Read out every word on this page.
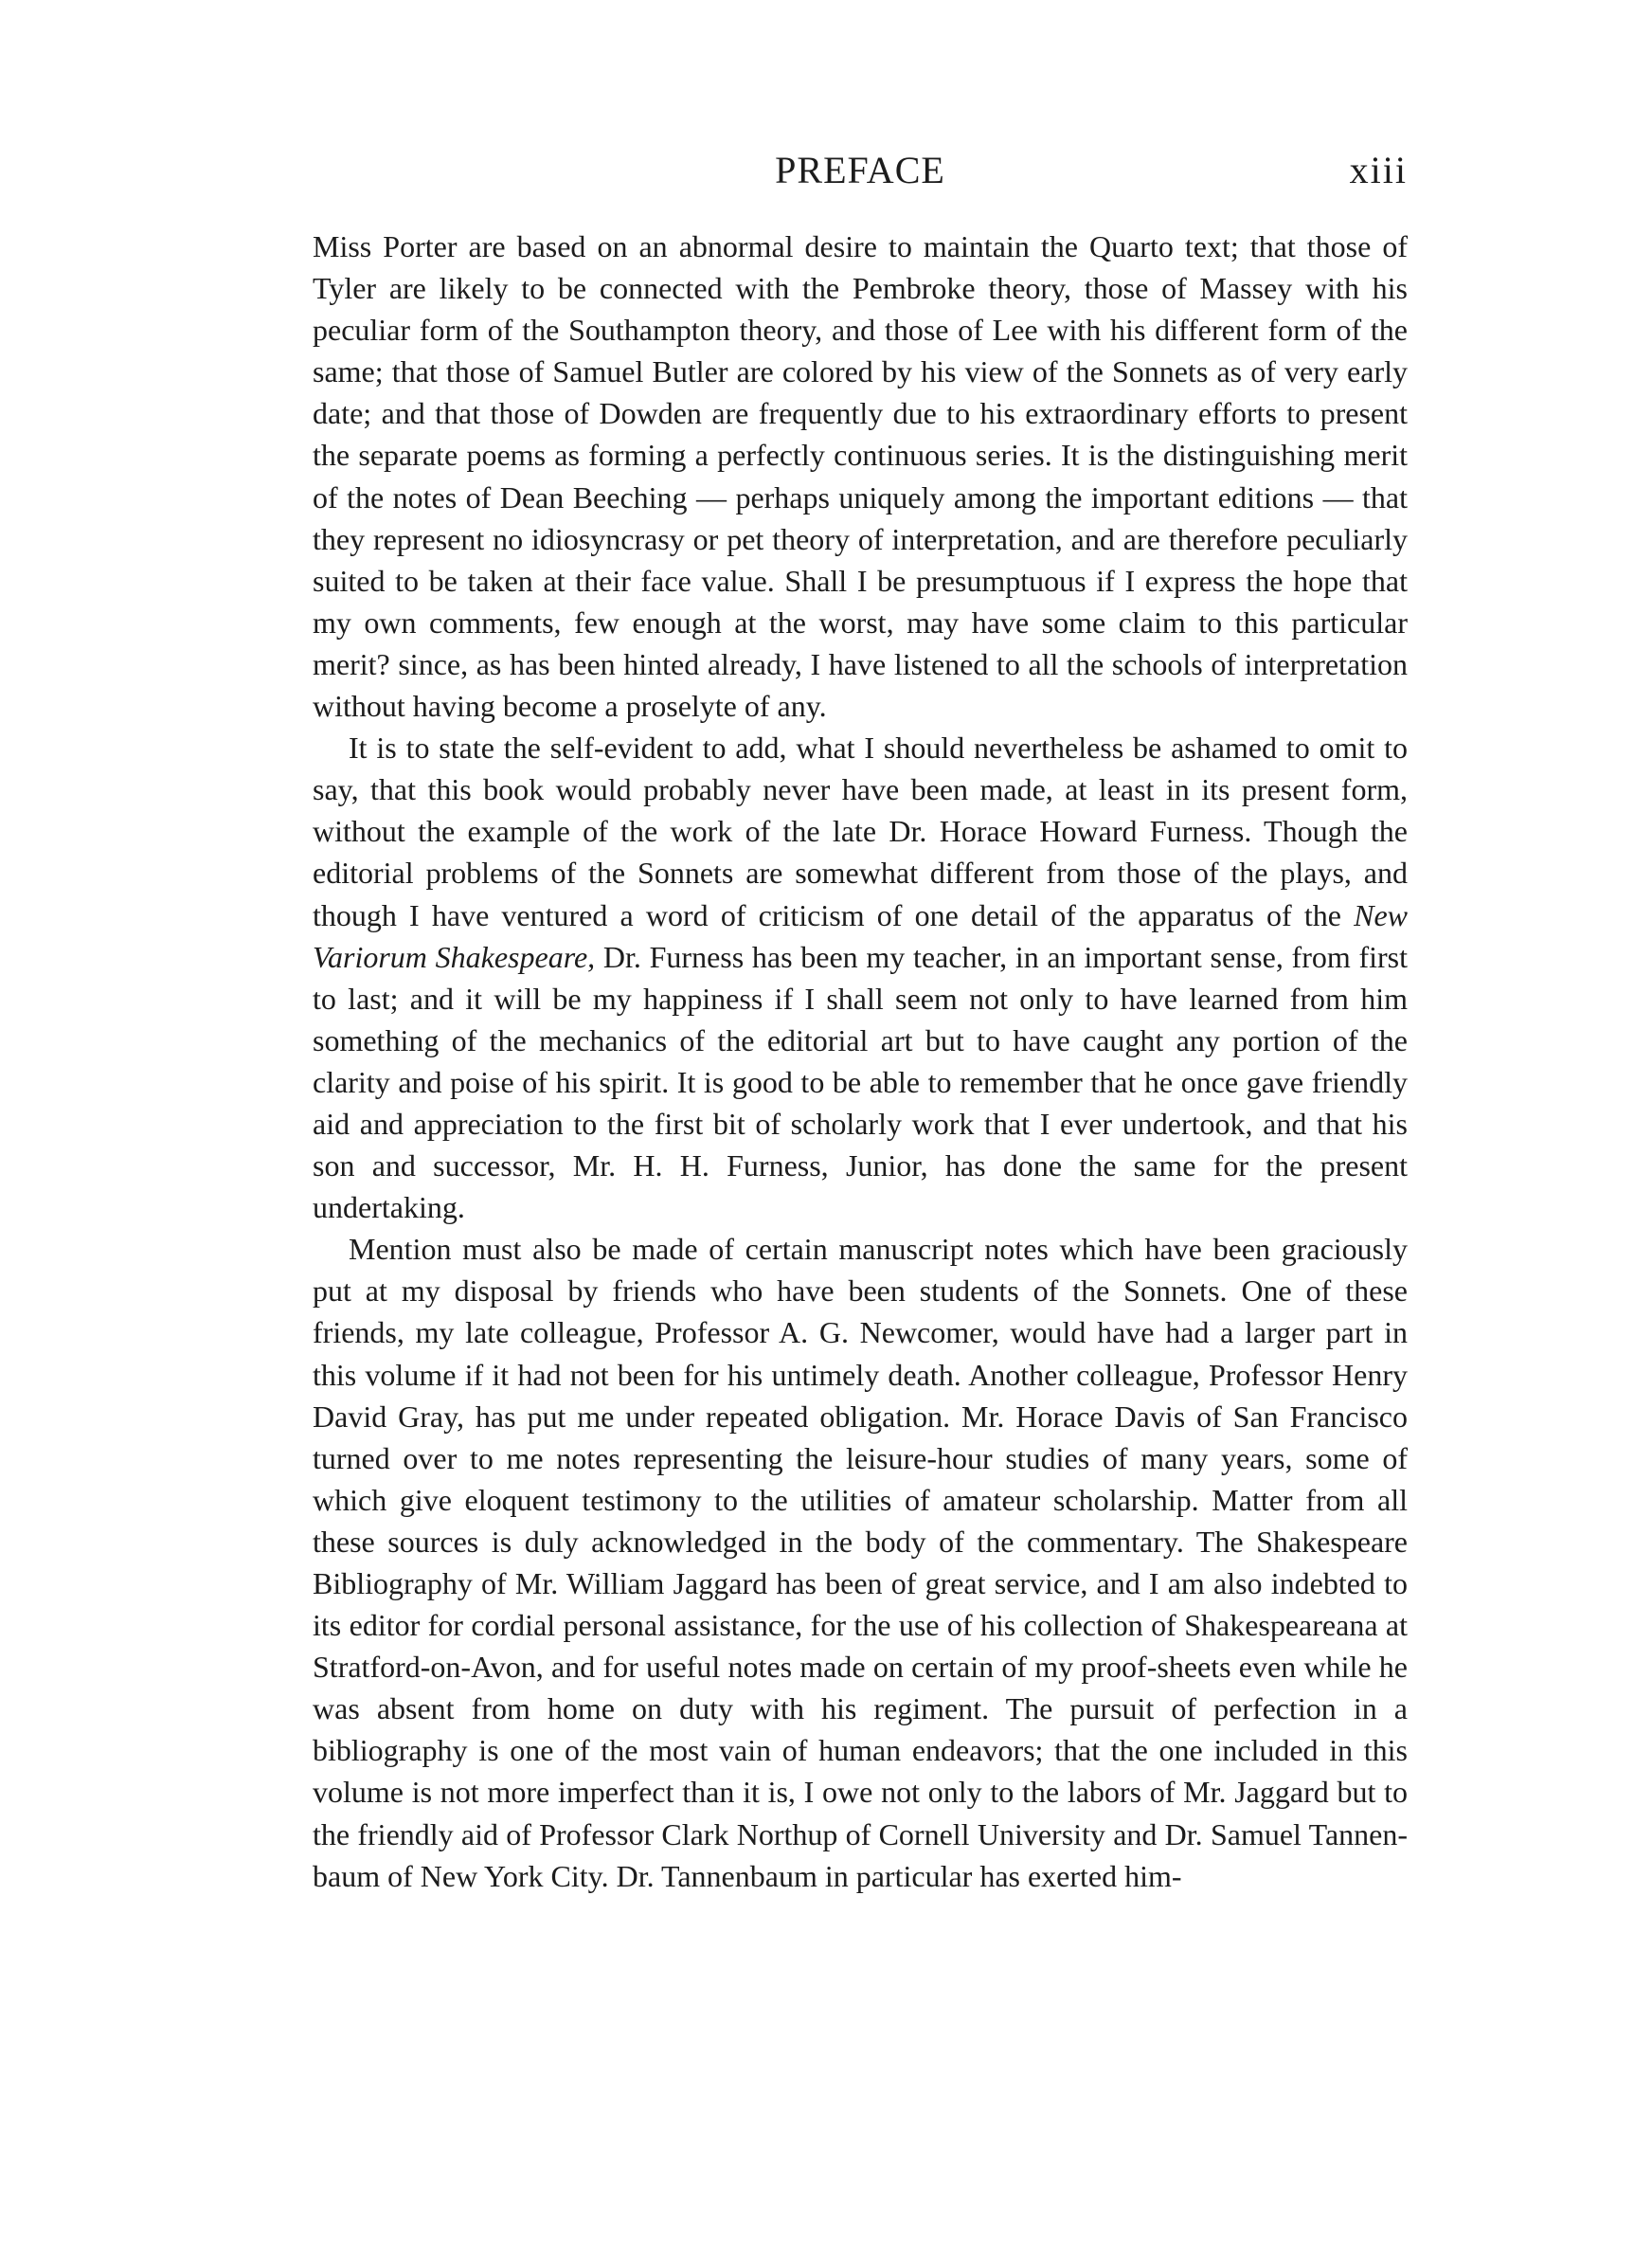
PREFACE	xiii

Miss Porter are based on an abnormal desire to maintain the Quarto text; that those of Tyler are likely to be connected with the Pembroke theory, those of Massey with his peculiar form of the Southampton theory, and those of Lee with his different form of the same; that those of Samuel Butler are colored by his view of the Sonnets as of very early date; and that those of Dowden are frequently due to his extraordinary efforts to present the separate poems as forming a perfectly continuous series. It is the distinguishing merit of the notes of Dean Beeching — perhaps uniquely among the important editions — that they represent no idiosyncrasy or pet theory of interpretation, and are therefore peculiarly suited to be taken at their face value. Shall I be presumptuous if I express the hope that my own comments, few enough at the worst, may have some claim to this particular merit? since, as has been hinted already, I have listened to all the schools of interpretation without having become a proselyte of any.

It is to state the self-evident to add, what I should nevertheless be ashamed to omit to say, that this book would probably never have been made, at least in its present form, without the example of the work of the late Dr. Horace Howard Furness. Though the editorial problems of the Sonnets are somewhat different from those of the plays, and though I have ventured a word of criticism of one detail of the apparatus of the New Variorum Shakespeare, Dr. Furness has been my teacher, in an important sense, from first to last; and it will be my happiness if I shall seem not only to have learned from him something of the mechanics of the editorial art but to have caught any portion of the clarity and poise of his spirit. It is good to be able to remember that he once gave friendly aid and appreciation to the first bit of scholarly work that I ever undertook, and that his son and successor, Mr. H. H. Furness, Junior, has done the same for the present undertaking.

Mention must also be made of certain manuscript notes which have been graciously put at my disposal by friends who have been students of the Sonnets. One of these friends, my late colleague, Professor A. G. Newcomer, would have had a larger part in this volume if it had not been for his untimely death. Another colleague, Professor Henry David Gray, has put me under repeated obligation. Mr. Horace Davis of San Francisco turned over to me notes representing the leisure-hour studies of many years, some of which give eloquent testimony to the utilities of amateur scholarship. Matter from all these sources is duly acknowledged in the body of the commentary. The Shakespeare Bibliography of Mr. William Jaggard has been of great service, and I am also indebted to its editor for cordial personal assistance, for the use of his collection of Shakespeareana at Stratford-on-Avon, and for useful notes made on certain of my proof-sheets even while he was absent from home on duty with his regiment. The pursuit of perfection in a bibliography is one of the most vain of human endeavors; that the one included in this volume is not more imperfect than it is, I owe not only to the labors of Mr. Jaggard but to the friendly aid of Professor Clark Northup of Cornell University and Dr. Samuel Tannenbaum of New York City. Dr. Tannenbaum in particular has exerted him-
